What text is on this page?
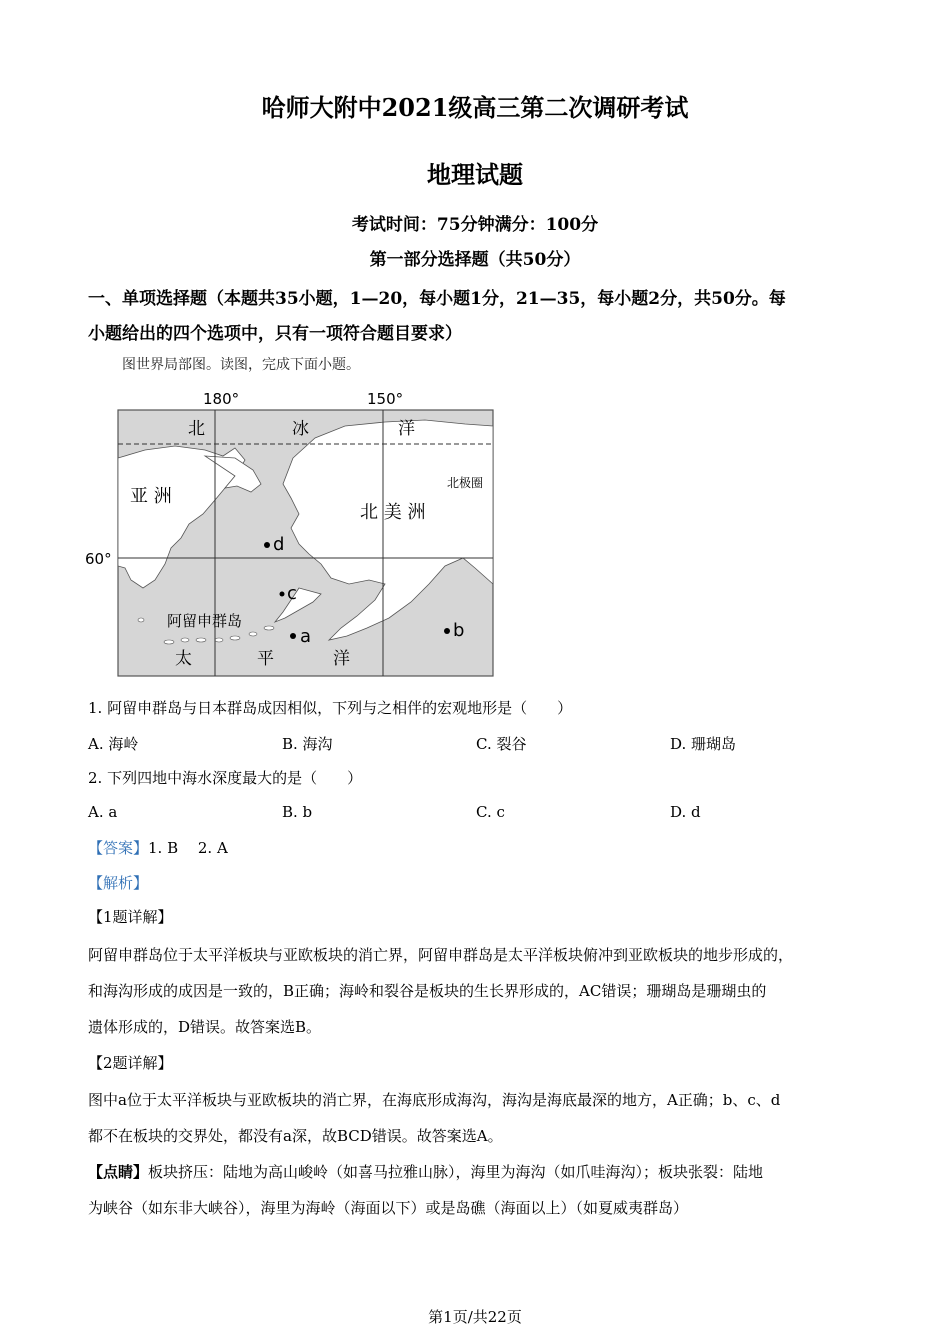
哈师大附中2021级高三第二次调研考试
地理试题
考试时间：75分钟满分：100分
第一部分选择题（共50分）
一、单项选择题（本题共35小题，1—20，每小题1分，21—35，每小题2分，共50分。每
小题给出的四个选项中，只有一项符合题目要求）
图世界局部图。读图，完成下面小题。
180°	150°
60°
北	冰	洋
亚 洲
北极圈
北 美 洲
阿留申群岛
太	平	洋
d
c
a	b
1. 阿留申群岛与日本群岛成因相似，下列与之相伴的宏观地形是（　　）
A. 海岭	B. 海沟	C. 裂谷	D. 珊瑚岛
2. 下列四地中海水深度最大的是（　　）
A. a	B. b	C. c	D. d
【答案】1. B　 2. A
【解析】
【1题详解】
阿留申群岛位于太平洋板块与亚欧板块的消亡界，阿留申群岛是太平洋板块俯冲到亚欧板块的地步形成的，
和海沟形成的成因是一致的，B正确；海岭和裂谷是板块的生长界形成的，AC错误；珊瑚岛是珊瑚虫的
遗体形成的，D错误。故答案选B。
【2题详解】
图中a位于太平洋板块与亚欧板块的消亡界，在海底形成海沟，海沟是海底最深的地方，A正确；b、c、d
都不在板块的交界处，都没有a深，故BCD错误。故答案选A。
【点睛】板块挤压：陆地为高山峻岭（如喜马拉雅山脉），海里为海沟（如爪哇海沟）；板块张裂：陆地
为峡谷（如东非大峡谷），海里为海岭（海面以下）或是岛礁（海面以上）（如夏威夷群岛）
第1页/共22页
